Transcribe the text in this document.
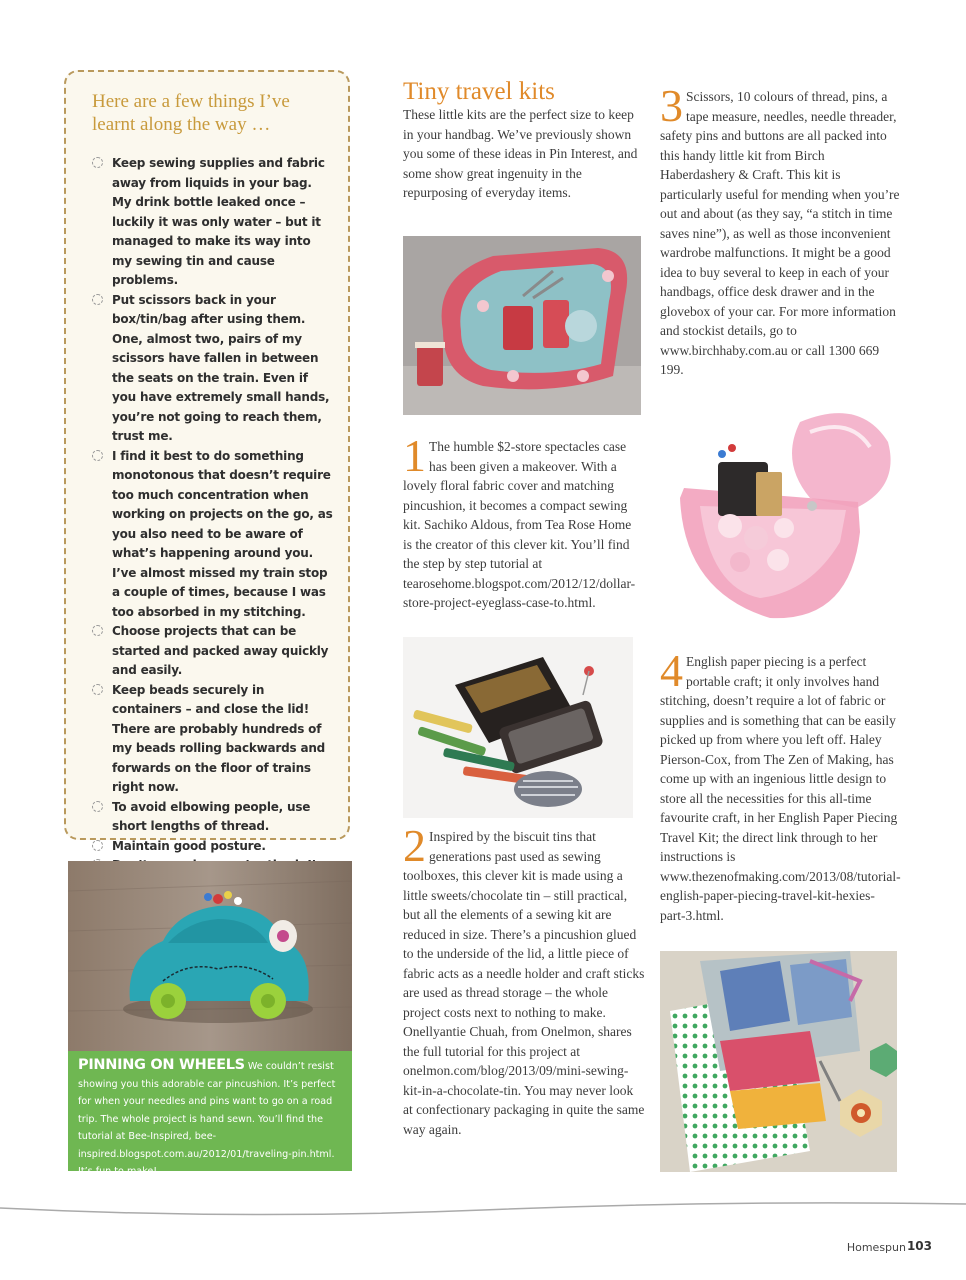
Here are a few things I’ve learnt along the way …
Keep sewing supplies and fabric away from liquids in your bag. My drink bottle leaked once – luckily it was only water – but it managed to make its way into my sewing tin and cause problems.
Put scissors back in your box/tin/bag after using them. One, almost two, pairs of my scissors have fallen in between the seats on the train. Even if you have extremely small hands, you’re not going to reach them, trust me.
I find it best to do something monotonous that doesn’t require too much concentration when working on projects on the go, as you also need to be aware of what’s happening around you. I’ve almost missed my train stop a couple of times, because I was too absorbed in my stitching.
Choose projects that can be started and packed away quickly and easily.
Keep beads securely in containers – and close the lid! There are probably hundreds of my beads rolling backwards and forwards on the floor of trains right now.
To avoid elbowing people, use short lengths of thread.
Maintain good posture.
PINNING ON WHEELS We couldn’t resist showing you this adorable car pincushion. It’s perfect for when your needles and pins want to go on a road trip. The whole project is hand sewn. You’ll find the tutorial at Bee-Inspired, bee-inspired.blogspot.com.au/2012/01/traveling-pin.html. It’s fun to make!
Tiny travel kits

These little kits are the perfect size to keep in your handbag. We’ve previously shown you some of these ideas in Pin Interest, and some show great ingenuity in the repurposing of everyday items.

1 The humble $2-store spectacles case has been given a makeover. With a lovely floral fabric cover and matching pincushion, it becomes a compact sewing kit. Sachiko Aldous, from Tea Rose Home is the creator of this clever kit. You’ll find the step by step tutorial at tearosehome.blogspot.com/2012/12/dollar-store-project-eyeglass-case-to.html.

2 Inspired by the biscuit tins that generations past used as sewing toolboxes, this clever kit is made using a little sweets/chocolate tin – still practical, but all the elements of a sewing kit are reduced in size. There’s a pincushion glued to the underside of the lid, a little piece of fabric acts as a needle holder and craft sticks are used as thread storage – the whole project costs next to nothing to make. Onellyantie Chuah, from Onelmon, shares the full tutorial for this project at onelmon.com/blog/2013/09/mini-sewing-kit-in-a-chocolate-tin. You may never look at confectionary packaging in quite the same way again.

3 Scissors, 10 colours of thread, pins, a tape measure, needles, needle threader, safety pins and buttons are all packed into this handy little kit from Birch Haberdashery & Craft. This kit is particularly useful for mending when you’re out and about (as they say, “a stitch in time saves nine”), as well as those inconvenient wardrobe malfunctions. It might be a good idea to buy several to keep in each of your handbags, office desk drawer and in the glovebox of your car. For more information and stockist details, go to www.birchhaby.com.au or call 1300 669 199.

4 English paper piecing is a perfect portable craft; it only involves hand stitching, doesn’t require a lot of fabric or supplies and is something that can be easily picked up from where you left off. Haley Pierson-Cox, from The Zen of Making, has come up with an ingenious little design to store all the necessities for this all-time favourite craft, in her English Paper Piecing Travel Kit; the direct link through to her instructions is www.thezenofmaking.com/2013/08/tutorial-english-paper-piecing-travel-kit-hexies-part-3.html.

Homespun 103
